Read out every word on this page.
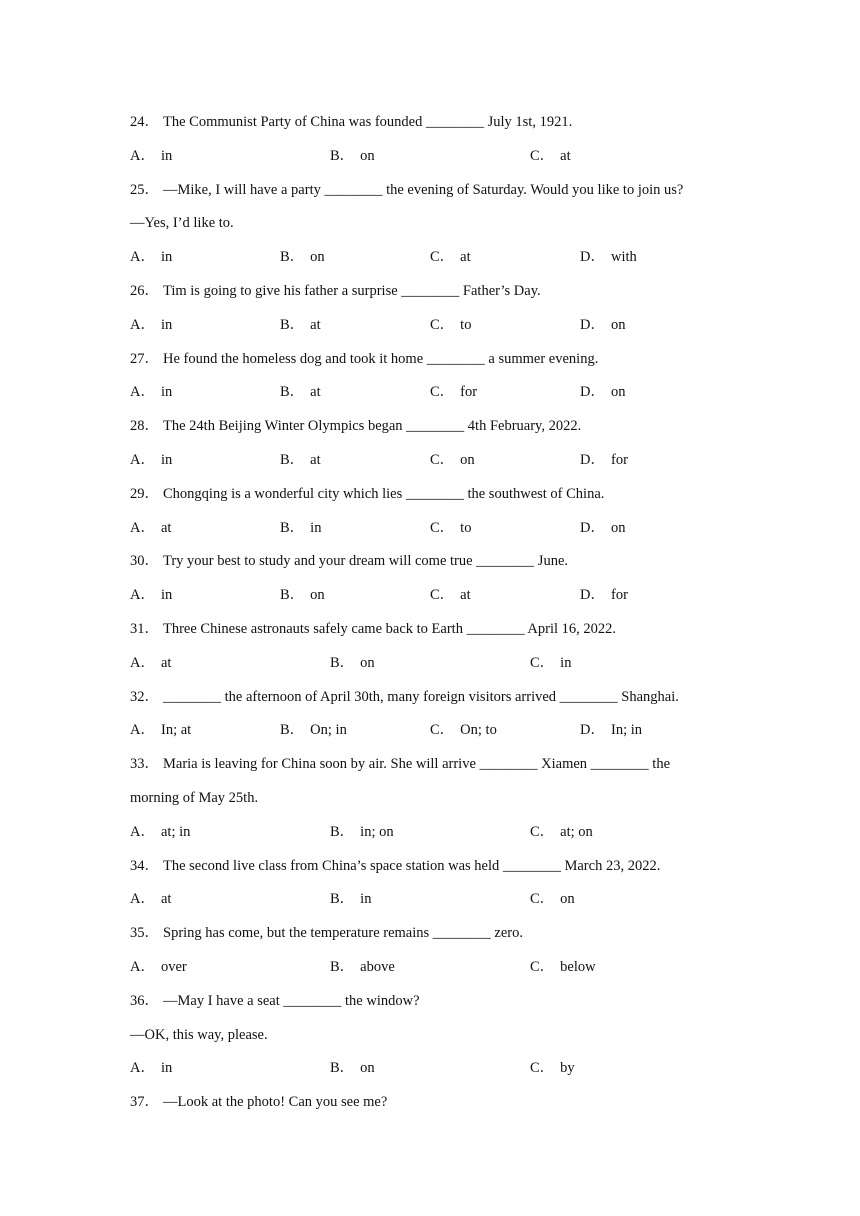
24． The Communist Party of China was founded ________ July 1st, 1921.
A． in	B． on	C． at
25． —Mike, I will have a party ________ the evening of Saturday. Would you like to join us?
—Yes, I’d like to.
A． in	B． on	C． at	D． with
26． Tim is going to give his father a surprise ________ Father’s Day.
A． in	B． at	C． to	D． on
27． He found the homeless dog and took it home ________ a summer evening.
A． in	B． at	C． for	D． on
28． The 24th Beijing Winter Olympics began ________ 4th February, 2022.
A． in	B． at	C． on	D． for
29． Chongqing is a wonderful city which lies ________ the southwest of China.
A． at	B． in	C． to	D． on
30． Try your best to study and your dream will come true ________ June.
A． in	B． on	C． at	D． for
31． Three Chinese astronauts safely came back to Earth ________ April 16, 2022.
A． at	B． on	C． in
32． ________ the afternoon of April 30th, many foreign visitors arrived ________ Shanghai.
A． In; at	B． On; in	C． On; to	D． In; in
33． Maria is leaving for China soon by air. She will arrive ________ Xiamen ________ the
morning of May 25th.
A． at; in	B． in; on	C． at; on
34． The second live class from China’s space station was held ________ March 23, 2022.
A． at	B． in	C． on
35． Spring has come, but the temperature remains ________ zero.
A． over	B． above	C． below
36． —May I have a seat ________ the window?
—OK, this way, please.
A． in	B． on	C． by
37． —Look at the photo! Can you see me?
